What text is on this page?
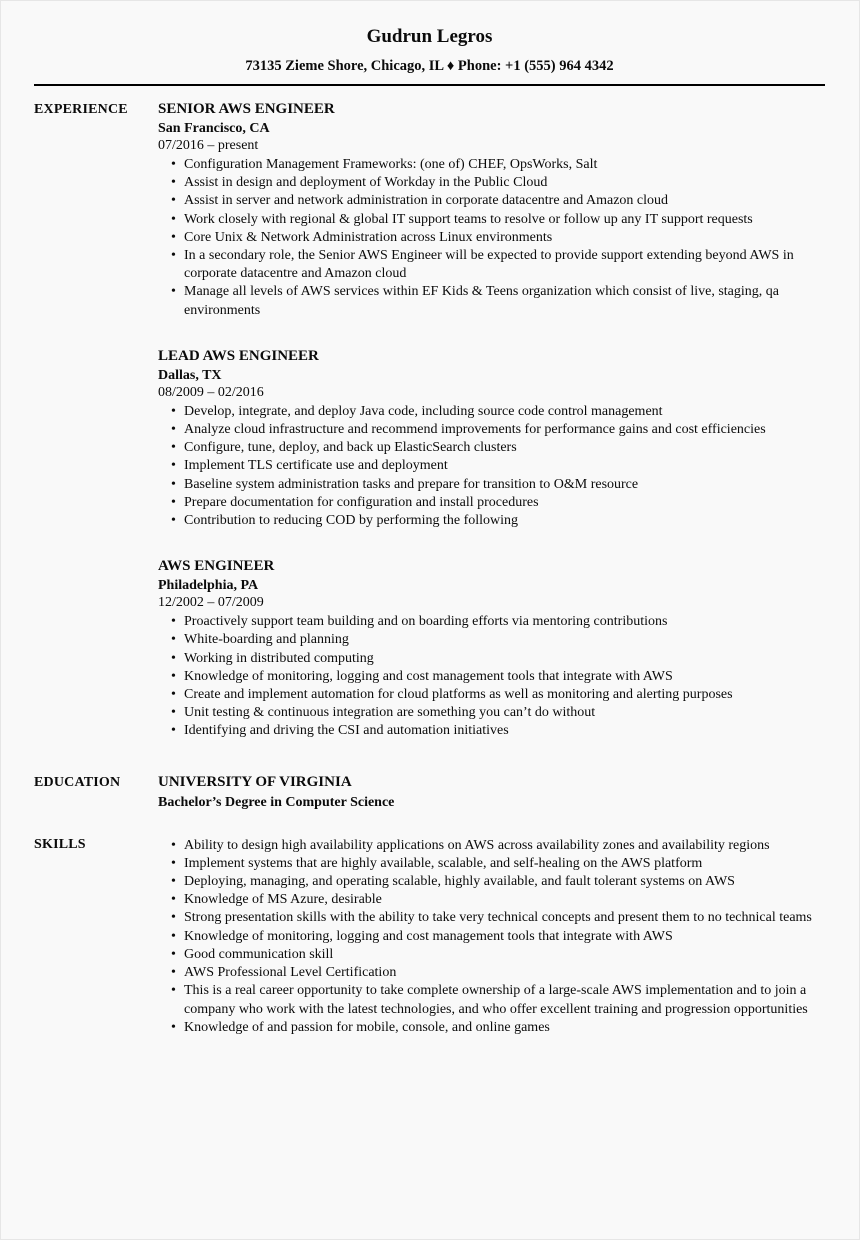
Gudrun Legros
73135 Zieme Shore, Chicago, IL ♦ Phone: +1 (555) 964 4342
EXPERIENCE	SENIOR AWS ENGINEER
San Francisco, CA
07/2016 – present
• Configuration Management Frameworks: (one of) CHEF, OpsWorks, Salt
• Assist in design and deployment of Workday in the Public Cloud
• Assist in server and network administration in corporate datacentre and Amazon cloud
• Work closely with regional & global IT support teams to resolve or follow up any IT support requests
• Core Unix & Network Administration across Linux environments
• In a secondary role, the Senior AWS Engineer will be expected to provide support extending beyond AWS in corporate datacentre and Amazon cloud
• Manage all levels of AWS services within EF Kids & Teens organization which consist of live, staging, qa environments
LEAD AWS ENGINEER
Dallas, TX
08/2009 – 02/2016
• Develop, integrate, and deploy Java code, including source code control management
• Analyze cloud infrastructure and recommend improvements for performance gains and cost efficiencies
• Configure, tune, deploy, and back up ElasticSearch clusters
• Implement TLS certificate use and deployment
• Baseline system administration tasks and prepare for transition to O&M resource
• Prepare documentation for configuration and install procedures
• Contribution to reducing COD by performing the following
AWS ENGINEER
Philadelphia, PA
12/2002 – 07/2009
• Proactively support team building and on boarding efforts via mentoring contributions
• White-boarding and planning
• Working in distributed computing
• Knowledge of monitoring, logging and cost management tools that integrate with AWS
• Create and implement automation for cloud platforms as well as monitoring and alerting purposes
• Unit testing & continuous integration are something you can’t do without
• Identifying and driving the CSI and automation initiatives
EDUCATION	UNIVERSITY OF VIRGINIA
Bachelor’s Degree in Computer Science
SKILLS	• Ability to design high availability applications on AWS across availability zones and availability regions
• Implement systems that are highly available, scalable, and self-healing on the AWS platform
• Deploying, managing, and operating scalable, highly available, and fault tolerant systems on AWS
• Knowledge of MS Azure, desirable
• Strong presentation skills with the ability to take very technical concepts and present them to no technical teams
• Knowledge of monitoring, logging and cost management tools that integrate with AWS
• Good communication skill
• AWS Professional Level Certification
• This is a real career opportunity to take complete ownership of a large-scale AWS implementation and to join a company who work with the latest technologies, and who offer excellent training and progression opportunities
• Knowledge of and passion for mobile, console, and online games
